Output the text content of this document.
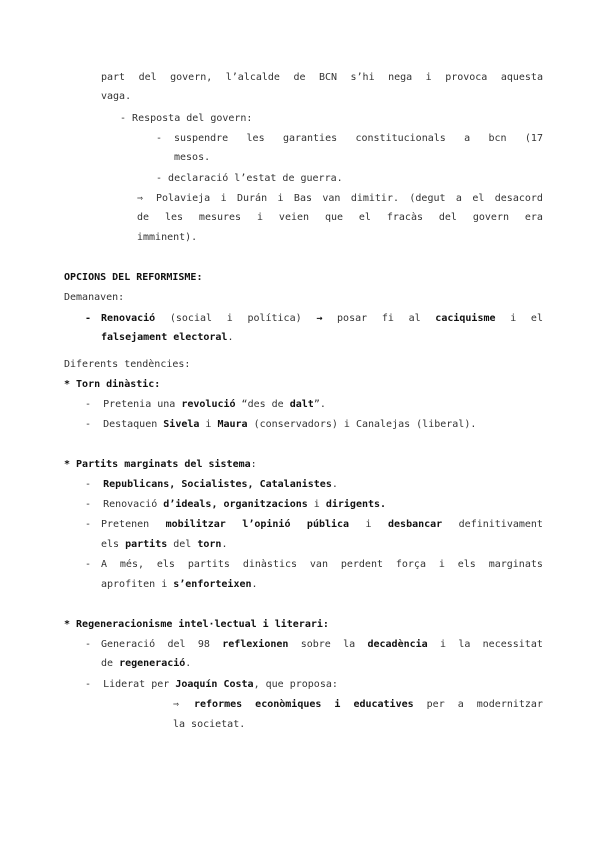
part del govern, l’alcalde de BCN s’hi nega i provoca aquesta
vaga.
- Resposta del govern:
- suspendre les garanties constitucionals a bcn (17
mesos.
- declaració l’estat de guerra.
⇒ Polavieja i Durán i Bas van dimitir. (degut a el desacord
de les mesures i veien que el fracàs del govern era
imminent).
OPCIONS DEL REFORMISME:
Demanaven:
- Renovació (social i política) → posar fi al caciquisme i el
falsejament electoral.
Diferents tendències:
* Torn dinàstic:
-  Pretenia una revolució “des de dalt”.
-  Destaquen Sivela i Maura (conservadors) i Canalejas (liberal).
* Partits marginats del sistema:
-  Republicans, Socialistes, Catalanistes.
-  Renovació d’ideals, organitzacions i dirigents.
- Pretenen mobilitzar l’opinió pública i desbancar definitivament
els partits del torn.
- A més, els partits dinàstics van perdent força i els marginats
aprofiten i s’enforteixen.
* Regeneracionisme intel·lectual i literari:
- Generació del 98 reflexionen sobre la decadència i la necessitat
de regeneració.
-  Liderat per Joaquín Costa, que proposa:
⇒ reformes econòmiques i educatives per a modernitzar
la societat.
